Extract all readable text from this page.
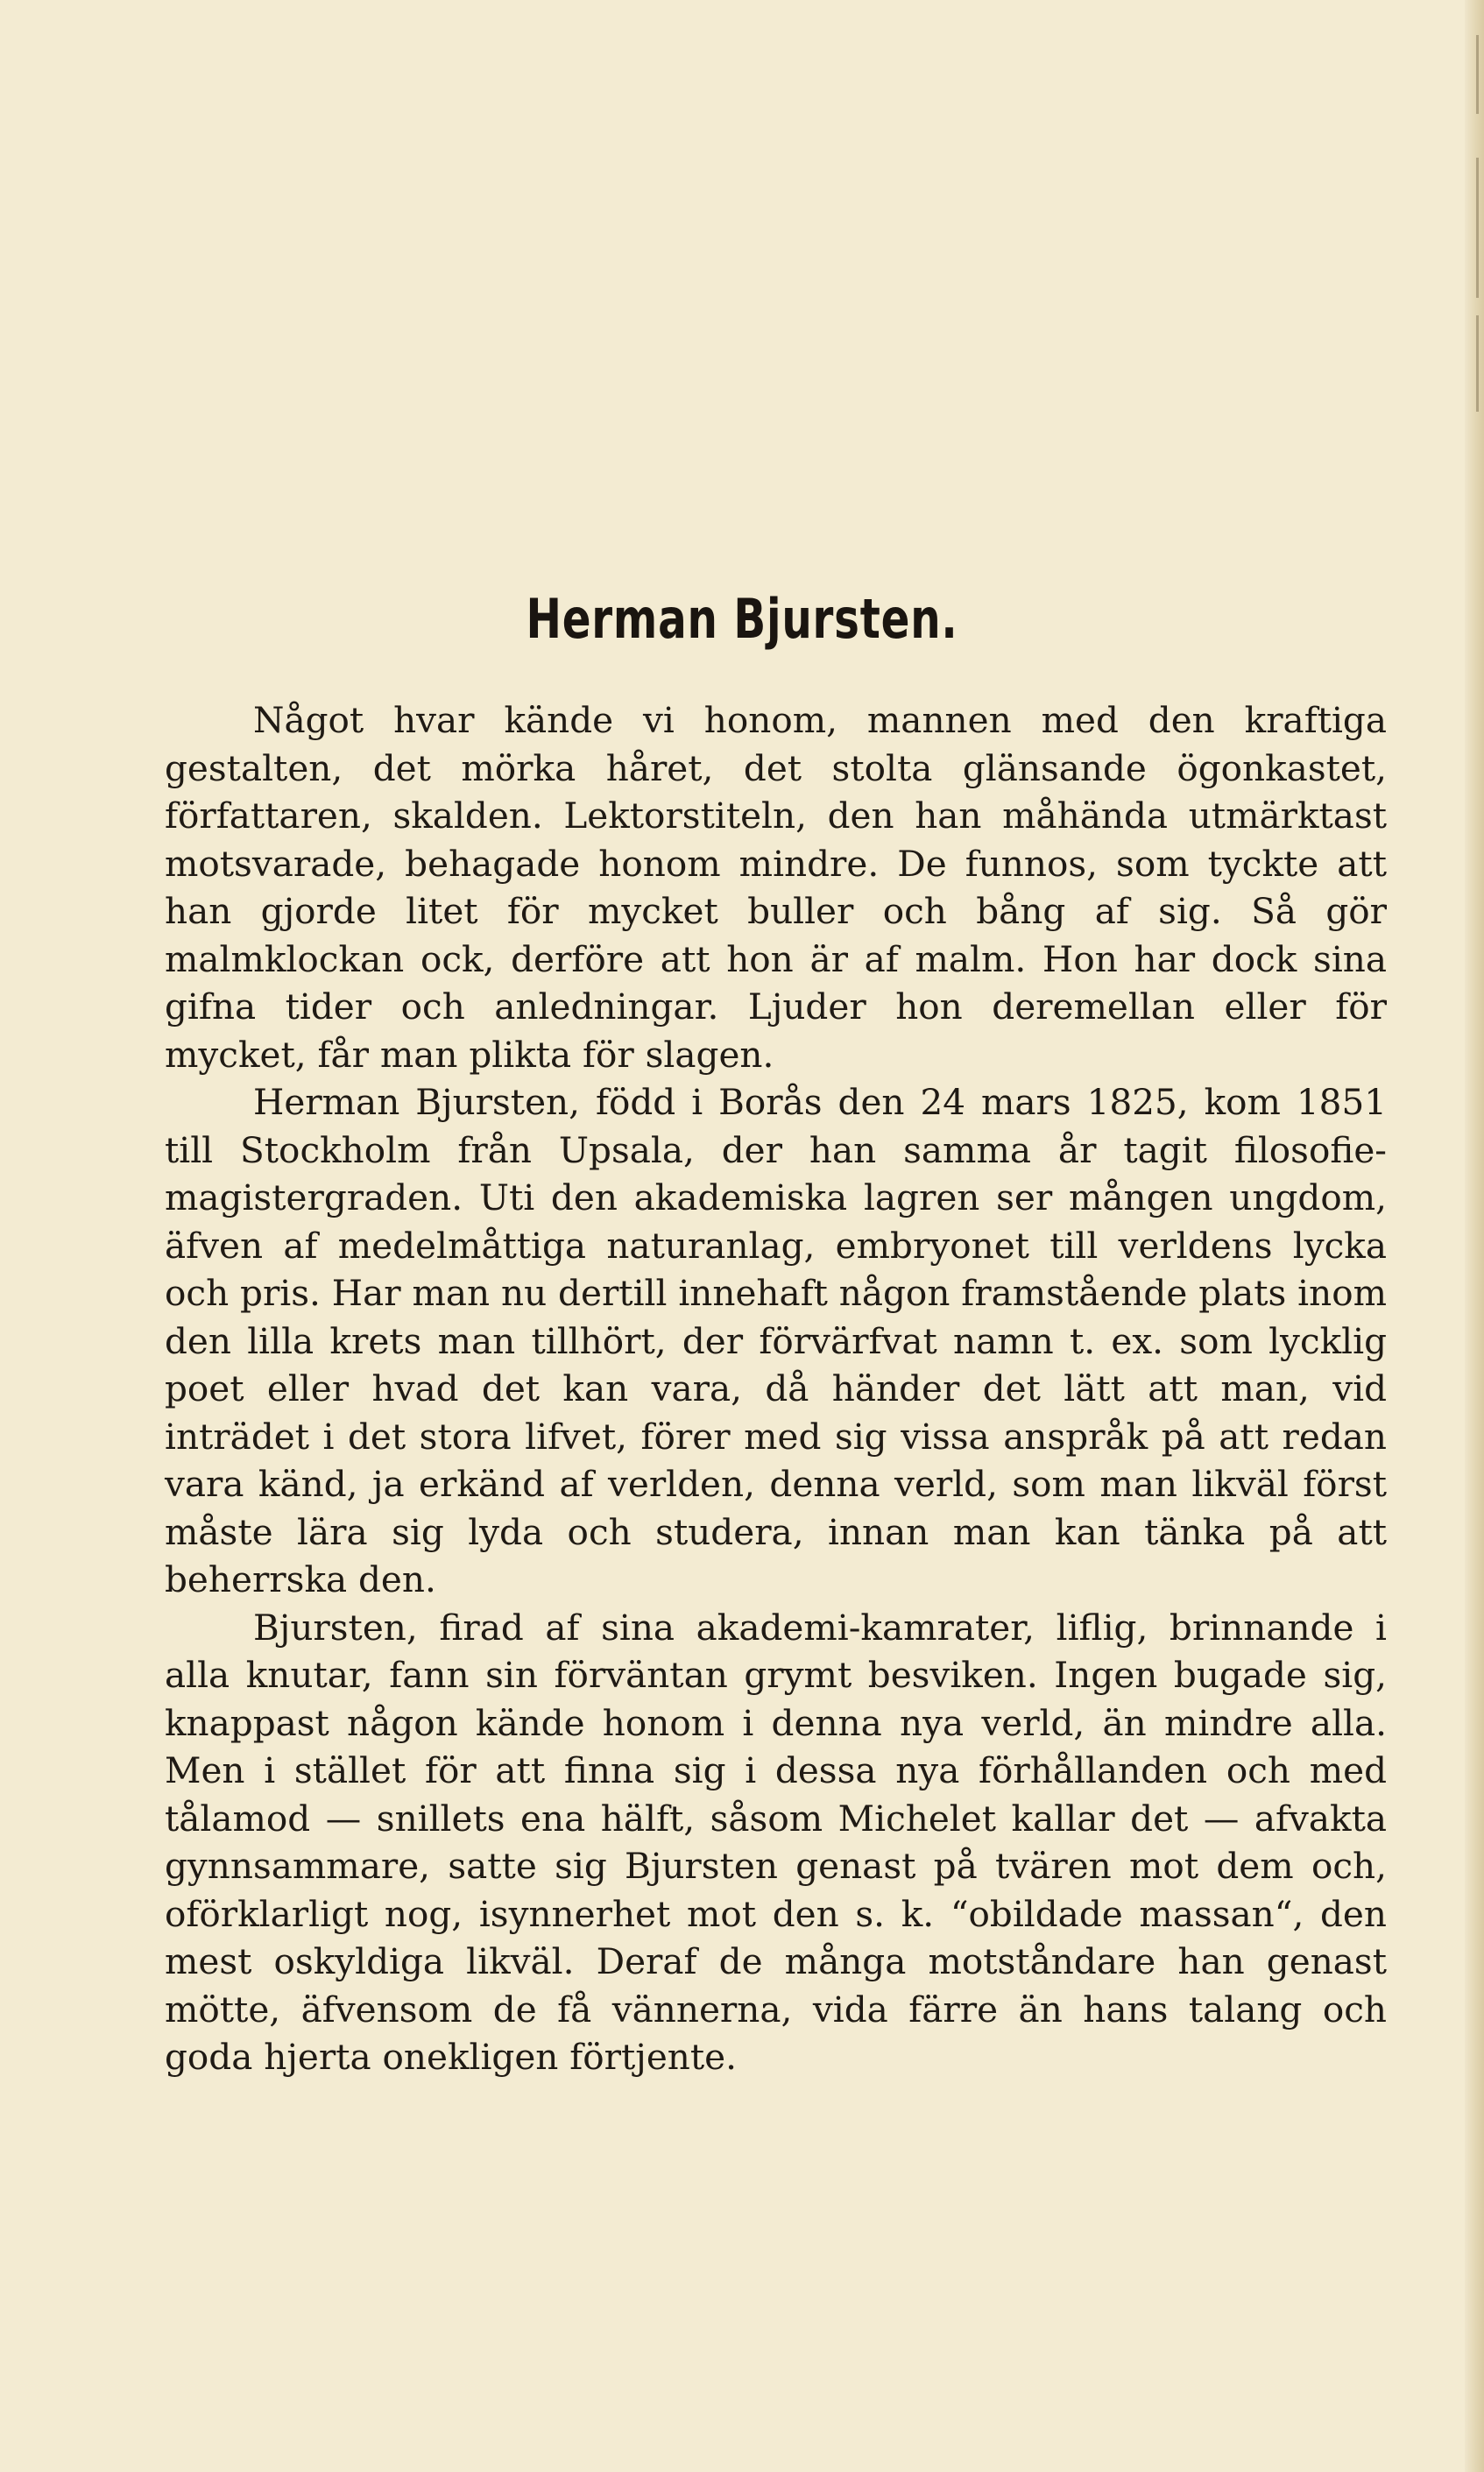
Herman Bjursten.

Något hvar kände vi honom, mannen med den kraftiga gestalten, det mörka håret, det stolta glänsande ögonkastet, författaren, skalden. Lektorstiteln, den han måhända utmärktast motsvarade, behagade honom mindre. De funnos, som tyckte att han gjorde litet för mycket buller och bång af sig. Så gör malmklockan ock, derföre att hon är af malm. Hon har dock sina gifna tider och anledningar. Ljuder hon deremellan eller för mycket, får man plikta för slagen.

Herman Bjursten, född i Borås den 24 mars 1825, kom 1851 till Stockholm från Upsala, der han samma år tagit filosofie-magistergraden. Uti den akademiska lagren ser mången ungdom, äfven af medelmåttiga naturanlag, embryonet till verldens lycka och pris. Har man nu dertill innehaft någon framstående plats inom den lilla krets man tillhört, der förvärfvat namn t. ex. som lycklig poet eller hvad det kan vara, då händer det lätt att man, vid inträdet i det stora lifvet, förer med sig vissa anspråk på att redan vara känd, ja erkänd af verlden, denna verld, som man likväl först måste lära sig lyda och studera, innan man kan tänka på att beherrska den.

Bjursten, firad af sina akademi-kamrater, liflig, brinnande i alla knutar, fann sin förväntan grymt besviken. Ingen bugade sig, knappast någon kände honom i denna nya verld, än mindre alla. Men i stället för att finna sig i dessa nya förhållanden och med tålamod — snillets ena hälft, såsom Michelet kallar det — afvakta gynnsammare, satte sig Bjursten genast på tvären mot dem och, oförklarligt nog, isynnerhet mot den s. k. “obildade massan“, den mest oskyldiga likväl. Deraf de många motståndare han genast mötte, äfvensom de få vännerna, vida färre än hans talang och goda hjerta onekligen förtjente.
